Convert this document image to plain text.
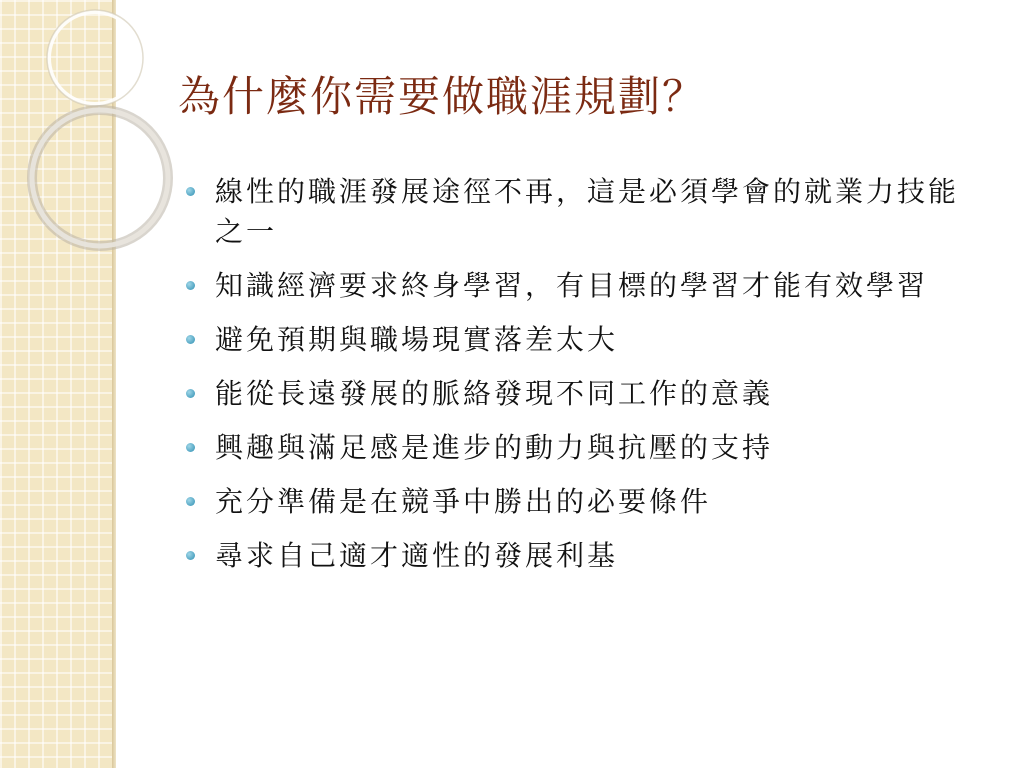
為什麼你需要做職涯規劃？
線性的職涯發展途徑不再，這是必須學會的就業力技能之一
知識經濟要求終身學習，有目標的學習才能有效學習
避免預期與職場現實落差太大
能從長遠發展的脈絡發現不同工作的意義
興趣與滿足感是進步的動力與抗壓的支持
充分準備是在競爭中勝出的必要條件
尋求自己適才適性的發展利基
